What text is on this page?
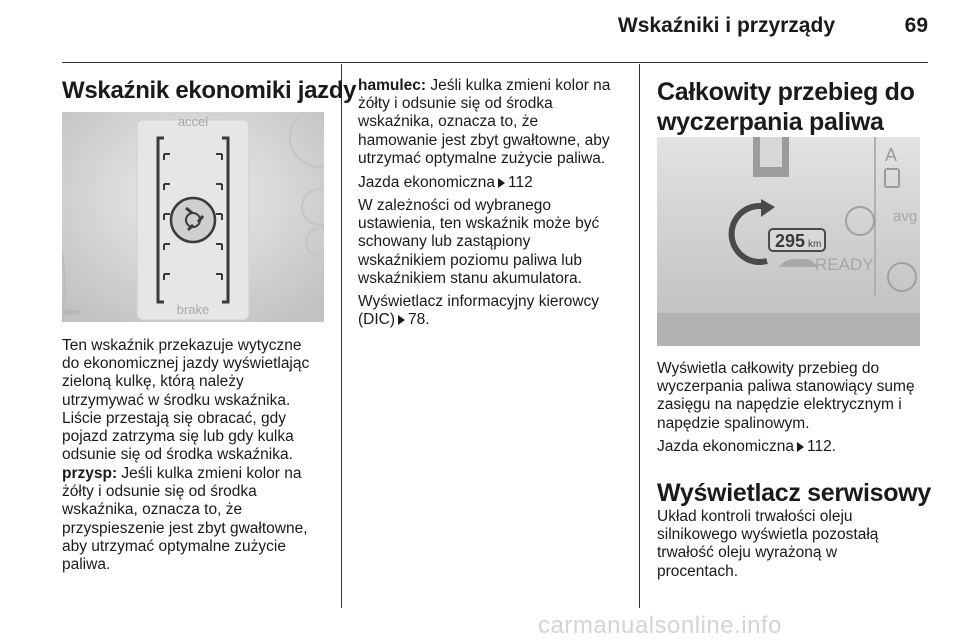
Wskaźniki i przyrządy	69
Wskaźnik ekonomiki jazdy
accel
brake
0km

Ten wskaźnik przekazuje wytyczne
do ekonomicznej jazdy wyświetlając
zieloną kulkę, którą należy
utrzymywać w środku wskaźnika.
Liście przestają się obracać, gdy
pojazd zatrzyma się lub gdy kulka
odsunie się od środka wskaźnika.

przysp: Jeśli kulka zmieni kolor na
żółty i odsunie się od środka
wskaźnika, oznacza to, że
przyspieszenie jest zbyt gwałtowne,
aby utrzymać optymalne zużycie
paliwa.

hamulec: Jeśli kulka zmieni kolor na
żółty i odsunie się od środka
wskaźnika, oznacza to, że
hamowanie jest zbyt gwałtowne, aby
utrzymać optymalne zużycie paliwa.

Jazda ekonomiczna 112

W zależności od wybranego
ustawienia, ten wskaźnik może być
schowany lub zastąpiony
wskaźnikiem poziomu paliwa lub
wskaźnikiem stanu akumulatora.

Wyświetlacz informacyjny kierowcy
(DIC) 78.

Całkowity przebieg do
wyczerpania paliwa
A
avg
295 km
READY

Wyświetla całkowity przebieg do
wyczerpania paliwa stanowiący sumę
zasięgu na napędzie elektrycznym i
napędzie spalinowym.

Jazda ekonomiczna 112.

Wyświetlacz serwisowy

Układ kontroli trwałości oleju
silnikowego wyświetla pozostałą
trwałość oleju wyrażoną w
procentach.

carmanualsonline.info
